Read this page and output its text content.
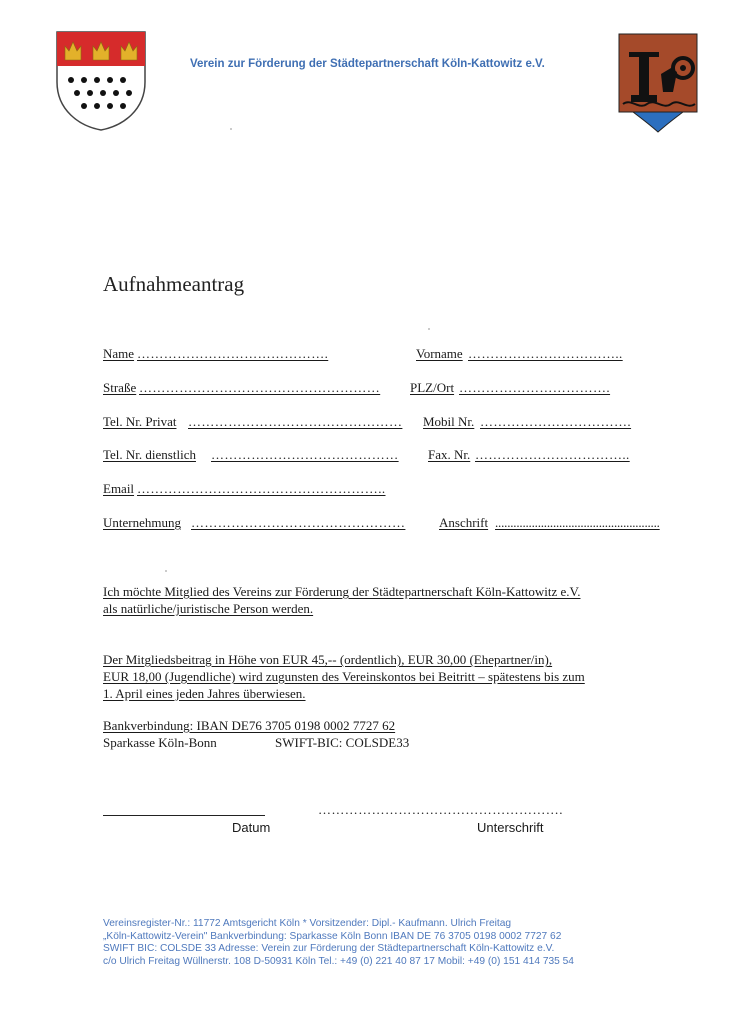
Verein zur Förderung der Städtepartnerschaft Köln-Kattowitz e.V.
Aufnahmeantrag
Name …………………………………….	Vorname ……………………………..
Straße ……………………………………………… PLZ/Ort …………………………….
Tel. Nr. Privat ………………………………………… Mobil Nr. …………………………….
Tel. Nr. dienstlich …………………………………… Fax. Nr. ……………………………..
Email ………………………………………………..
Unternehmung …………………………………………	Anschrift ......................................................
Ich möchte Mitglied des Vereins zur Förderung der Städtepartnerschaft Köln-Kattowitz e.V.
als natürliche/juristische Person werden.
Der Mitgliedsbeitrag in Höhe von EUR 45,-- (ordentlich), EUR 30,00 (Ehepartner/in),
EUR 18,00 (Jugendliche) wird zugunsten des Vereinskontos bei Beitritt – spätestens bis zum
1. April eines jeden Jahres überwiesen.
Bankverbindung: IBAN DE76 3705 0198 0002 7727 62
Sparkasse Köln-Bonn	SWIFT-BIC: COLSDE33
……………………………………………….
Datum	Unterschrift
Vereinsregister-Nr.: 11772 Amtsgericht Köln * Vorsitzender: Dipl.- Kaufmann. Ulrich Freitag
„Köln-Kattowitz-Verein" Bankverbindung: Sparkasse Köln Bonn IBAN DE 76 3705 0198 0002 7727 62
SWIFT BIC: COLSDE 33 Adresse: Verein zur Förderung der Städtepartnerschaft Köln-Kattowitz e.V.
c/o Ulrich Freitag Wüllnerstr. 108 D-50931 Köln Tel.: +49 (0) 221 40 87 17 Mobil: +49 (0) 151 414 735 54
